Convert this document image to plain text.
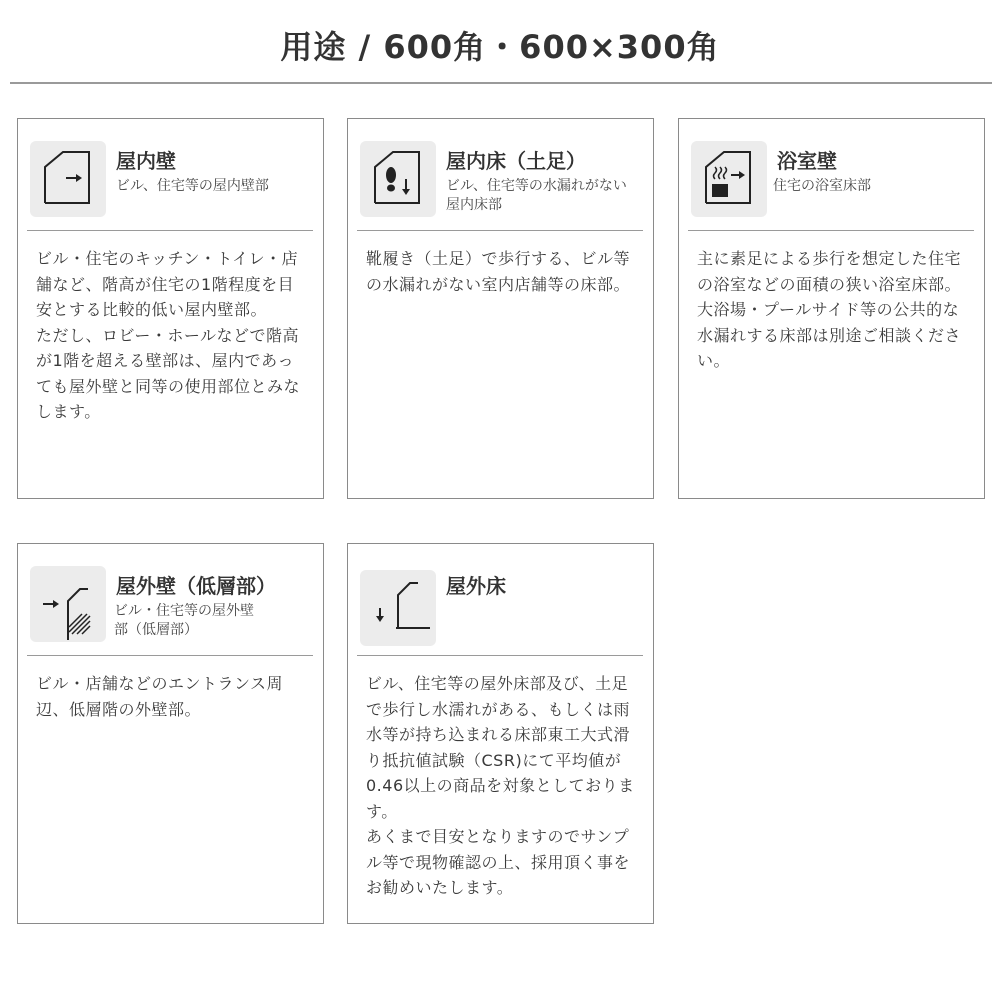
用途 / 600角・600×300角
屋内壁
ビル、住宅等の屋内壁部

ビル・住宅のキッチン・トイレ・店舗など、階高が住宅の1階程度を目安とする比較的低い屋内壁部。

ただし、ロビー・ホールなどで階高が1階を超える壁部は、屋内であっても屋外壁と同等の使用部位とみなします。

屋内床（土足）
ビル、住宅等の水漏れがない屋内床部

靴履き（土足）で歩行する、ビル等の水漏れがない室内店舗等の床部。

浴室壁
住宅の浴室床部

主に素足による歩行を想定した住宅の浴室などの面積の狭い浴室床部。大浴場・プールサイド等の公共的な水漏れする床部は別途ご相談ください。

屋外壁（低層部）
ビル・住宅等の屋外壁部（低層部）

ビル・店舗などのエントランス周辺、低層階の外壁部。

屋外床

ビル、住宅等の屋外床部及び、土足で歩行し水濡れがある、もしくは雨水等が持ち込まれる床部東工大式滑り抵抗値試験（CSR)にて平均値が0.46以上の商品を対象としております。

あくまで目安となりますのでサンプル等で現物確認の上、採用頂く事をお勧めいたします。
